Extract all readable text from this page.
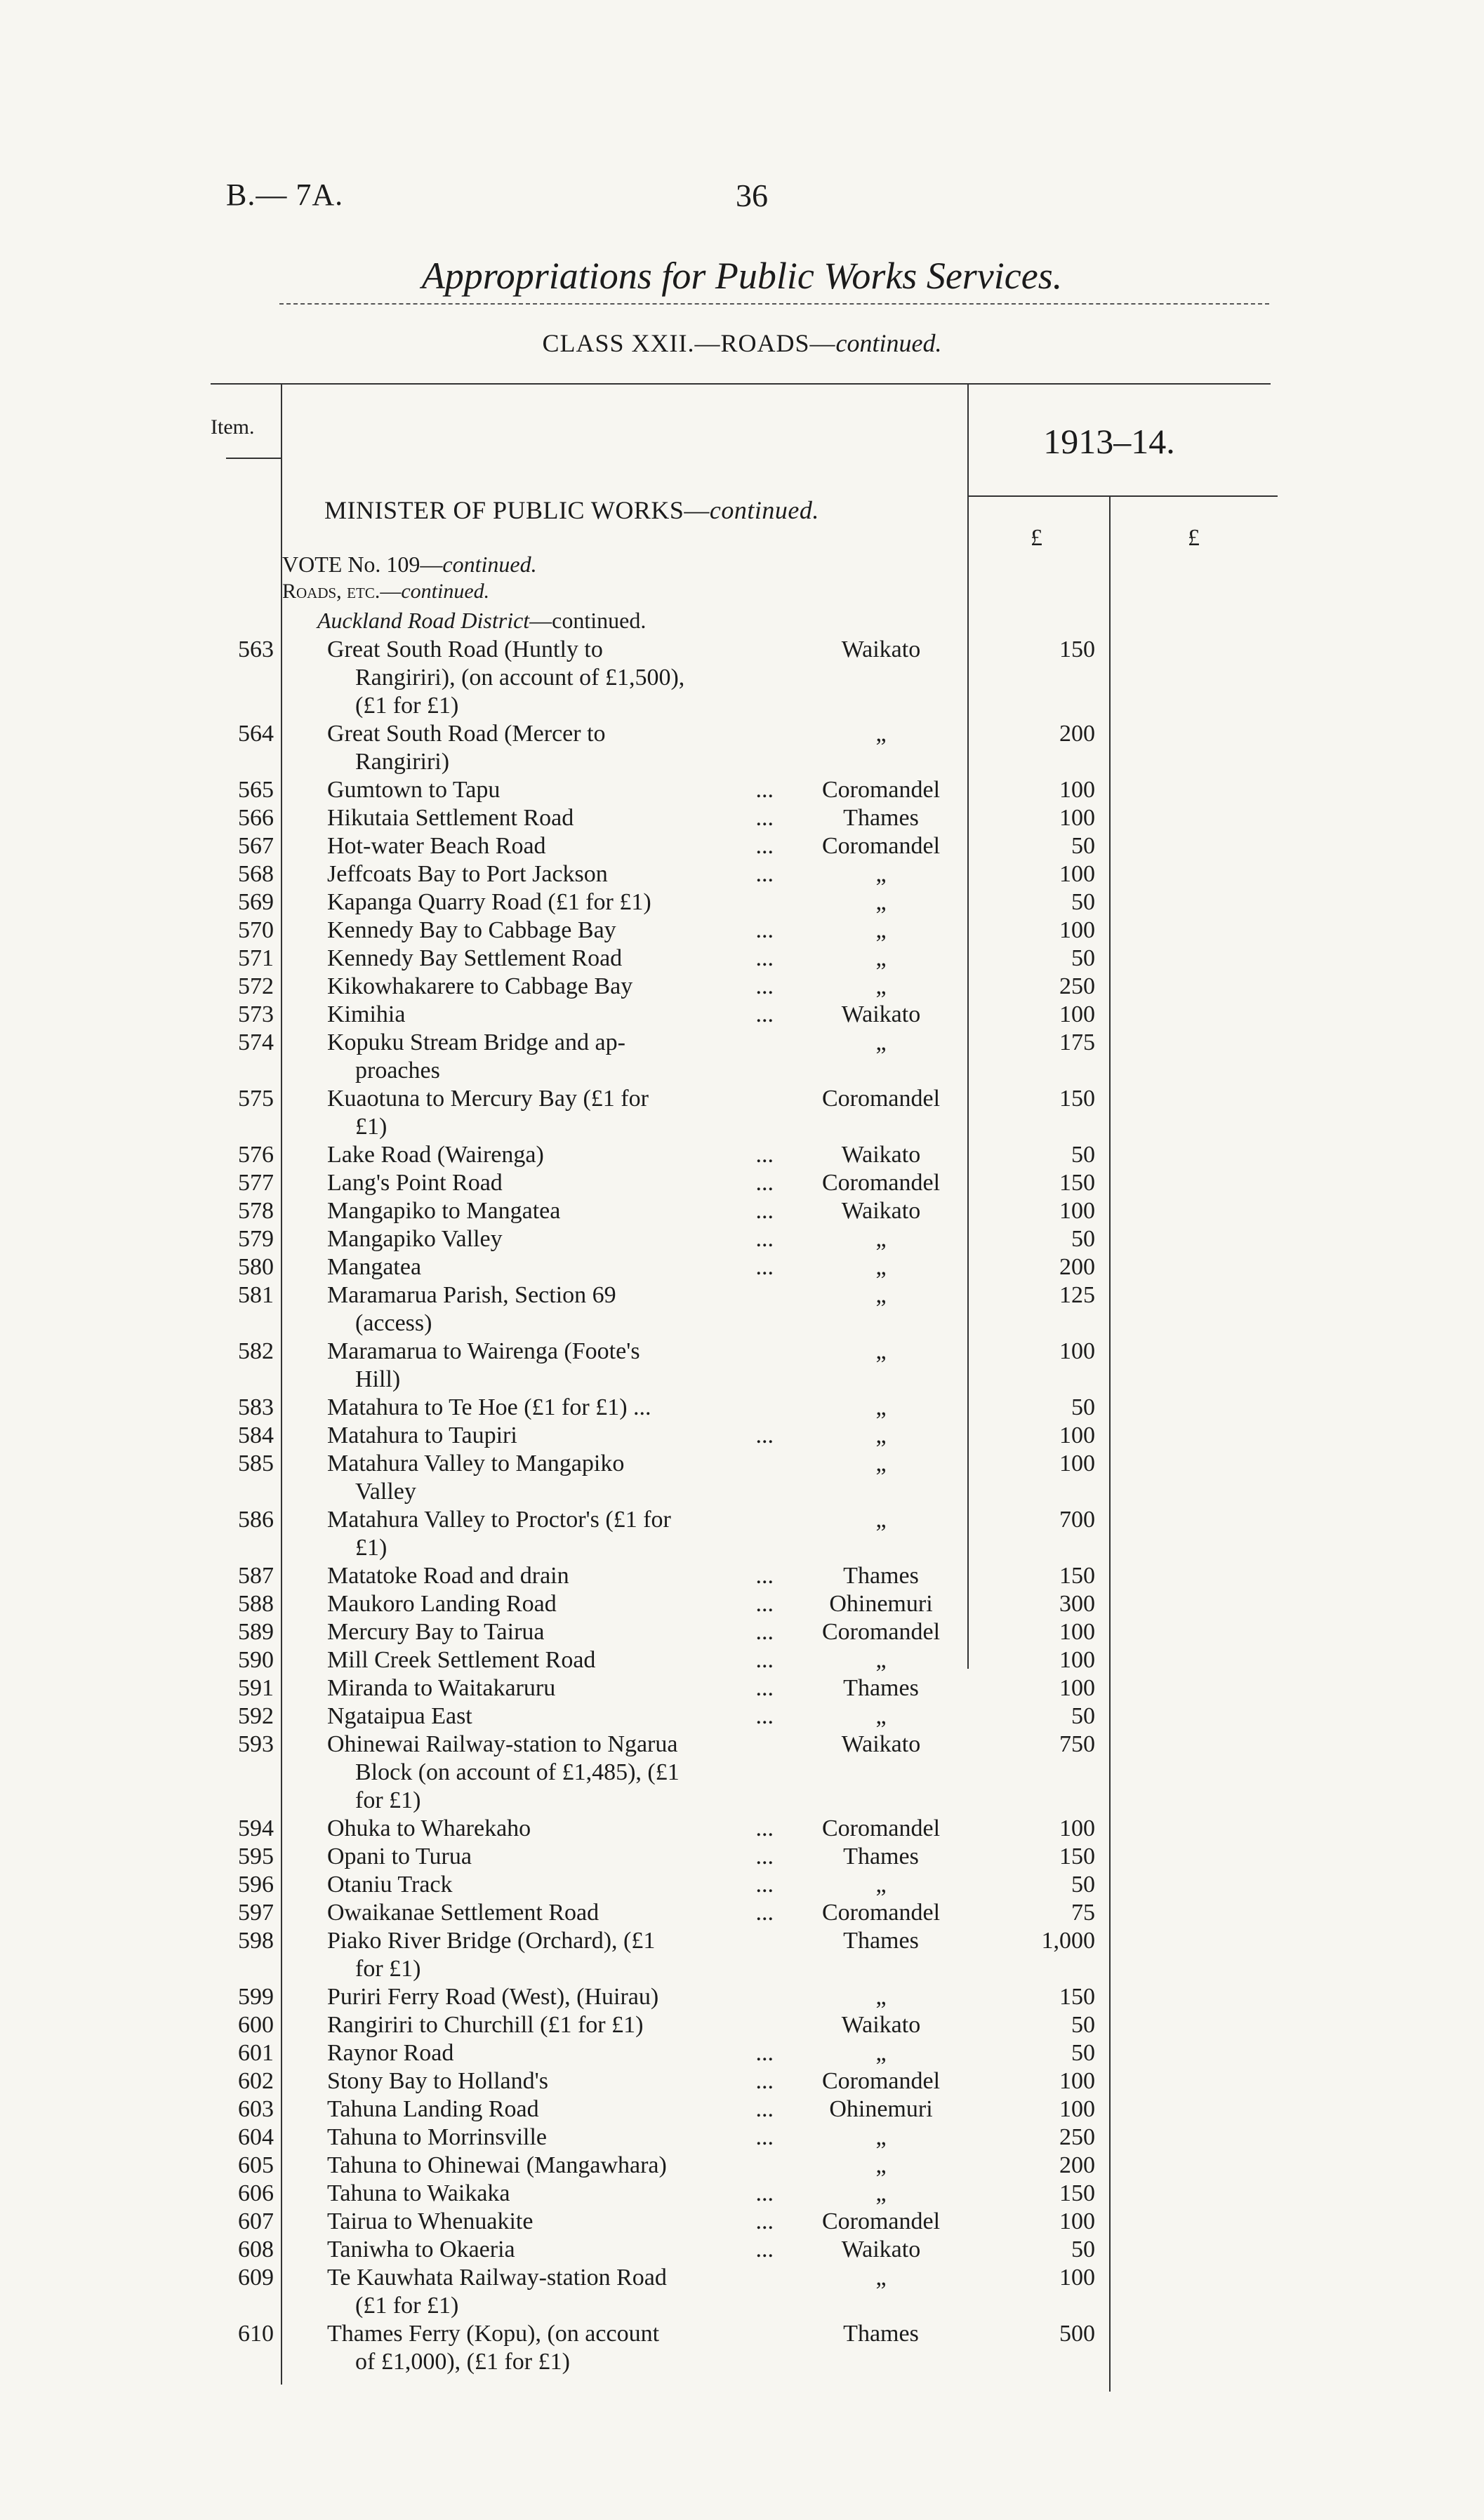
B.— 7A.	36
Appropriations for Public Works Services.
CLASS XXII.—ROADS—continued.
Item.	1913–14.
£	£
MINISTER OF PUBLIC WORKS—continued.
VOTE No. 109—continued.
Roads, etc.—continued.
Auckland Road District—continued.
563 Great South Road (Huntly to
Rangiriri), (on account of £1,500),
(£1 for £1)
Waikato	150
564 Great South Road (Mercer to
Rangiriri)
„	200
565 Gumtown to Tapu	...	Coromandel	100
566 Hikutaia Settlement Road	...	Thames	100
567 Hot-water Beach Road	...	Coromandel	50
568 Jeffcoats Bay to Port Jackson	...	„	100
569 Kapanga Quarry Road (£1 for £1)	„	50
570 Kennedy Bay to Cabbage Bay	...	„	100
571 Kennedy Bay Settlement Road	...	„	50
572 Kikowhakarere to Cabbage Bay	...	„	250
573 Kimihia	...	Waikato	100
574 Kopuku Stream Bridge and ap-
proaches
„	175
575 Kuaotuna to Mercury Bay (£1 for
£1)
Coromandel	150
576 Lake Road (Wairenga)	...	Waikato	50
577 Lang's Point Road	...	Coromandel	150
578 Mangapiko to Mangatea	...	Waikato	100
579 Mangapiko Valley	...	„	50
580 Mangatea	...	„	200
581 Maramarua Parish, Section 69
(access)
„	125
582 Maramarua to Wairenga (Foote's
Hill)
„	100
583 Matahura to Te Hoe (£1 for £1) ...	„	50
584 Matahura to Taupiri	...	„	100
585 Matahura Valley to Mangapiko
Valley
„	100
586 Matahura Valley to Proctor's (£1 for
£1)
„	700
587 Matatoke Road and drain	...	Thames	150
588 Maukoro Landing Road	...	Ohinemuri	300
589 Mercury Bay to Tairua	...	Coromandel	100
590 Mill Creek Settlement Road	...	„	100
591 Miranda to Waitakaruru	...	Thames	100
592 Ngataipua East	...	„	50
593 Ohinewai Railway-station to Ngarua
Block (on account of £1,485), (£1
for £1)
Waikato	750
594 Ohuka to Wharekaho	...	Coromandel	100
595 Opani to Turua	...	Thames	150
596 Otaniu Track	...	„	50
597 Owaikanae Settlement Road	...	Coromandel	75
598 Piako River Bridge (Orchard), (£1
for £1)
Thames	1,000
599 Puriri Ferry Road (West), (Huirau)	„	150
600 Rangiriri to Churchill (£1 for £1)	Waikato	50
601 Raynor Road	...	„	50
602 Stony Bay to Holland's	...	Coromandel	100
603 Tahuna Landing Road	...	Ohinemuri	100
604 Tahuna to Morrinsville	...	„	250
605 Tahuna to Ohinewai (Mangawhara)	„	200
606 Tahuna to Waikaka	...	„	150
607 Tairua to Whenuakite	...	Coromandel	100
608 Taniwha to Okaeria	...	Waikato	50
609 Te Kauwhata Railway-station Road
(£1 for £1)
„	100
610 Thames Ferry (Kopu), (on account
of £1,000), (£1 for £1)
Thames	500
